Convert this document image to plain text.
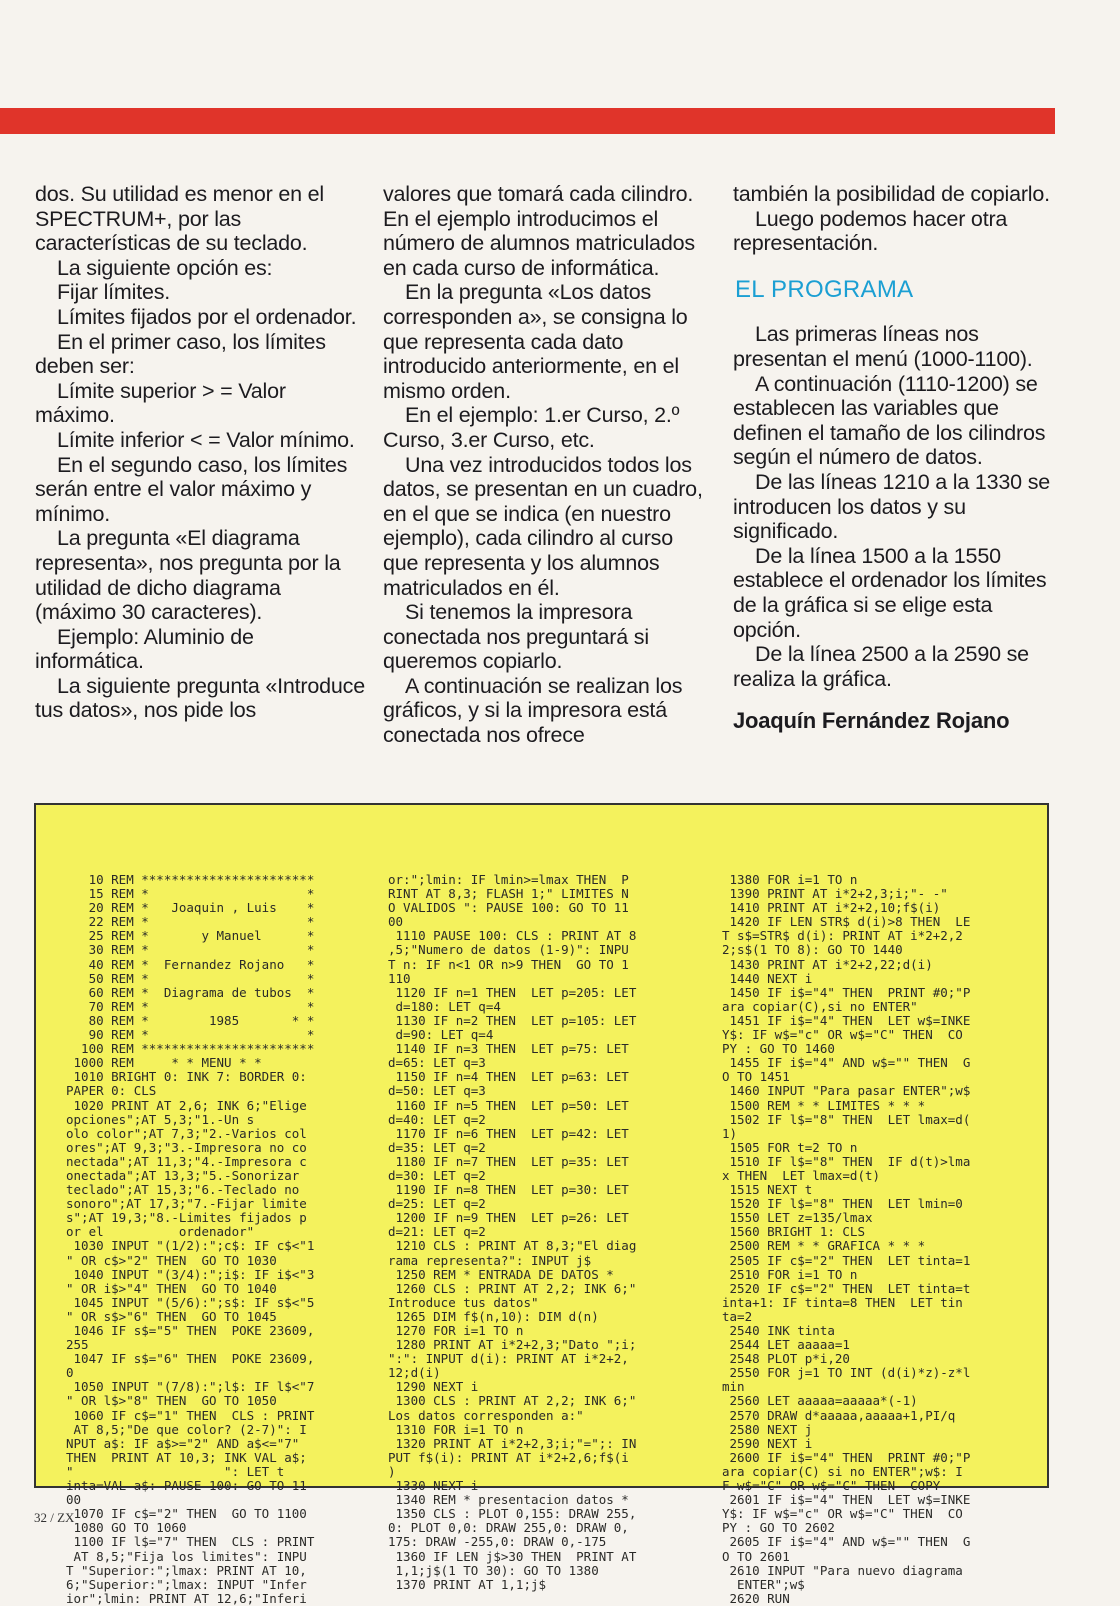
dos. Su utilidad es menor en el SPECTRUM+, por las características de su teclado.

La siguiente opción es:

Fijar límites.

Límites fijados por el ordenador.

En el primer caso, los límites deben ser:

Límite superior > = Valor máximo.

Límite inferior < = Valor mínimo.

En el segundo caso, los límites serán entre el valor máximo y mínimo.

La pregunta «El diagrama representa», nos pregunta por la utilidad de dicho diagrama (máximo 30 caracteres).

Ejemplo: Aluminio de informática.

La siguiente pregunta «Introduce tus datos», nos pide los

valores que tomará cada cilindro. En el ejemplo introducimos el número de alumnos matriculados en cada curso de informática.

En la pregunta «Los datos corresponden a», se consigna lo que representa cada dato introducido anteriormente, en el mismo orden.

En el ejemplo: 1.er Curso, 2.º Curso, 3.er Curso, etc.

Una vez introducidos todos los datos, se presentan en un cuadro, en el que se indica (en nuestro ejemplo), cada cilindro al curso que representa y los alumnos matriculados en él.

Si tenemos la impresora conectada nos preguntará si queremos copiarlo.

A continuación se realizan los gráficos, y si la impresora está conectada nos ofrece

también la posibilidad de copiarlo.

Luego podemos hacer otra representación.

EL PROGRAMA

Las primeras líneas nos presentan el menú (1000-1100).

A continuación (1110-1200) se establecen las variables que definen el tamaño de los cilindros según el número de datos.

De las líneas 1210 a la 1330 se introducen los datos y su significado.

De la línea 1500 a la 1550 establece el ordenador los límites de la gráfica si se elige esta opción.

De la línea 2500 a la 2590 se realiza la gráfica.

Joaquín Fernández Rojano

10 REM ***********************
15 REM *                     *
20 REM *   Joaquin , Luis    *
22 REM *                     *
25 REM *       y Manuel      *
30 REM *                     *
40 REM *  Fernandez Rojano   *
50 REM *                     *
60 REM *  Diagrama de tubos  *
70 REM *                     *
80 REM *        1985       * *
90 REM *                     *
100 REM ***********************
1000 REM     * * MENU * *
1010 BRIGHT 0: INK 7: BORDER 0:
PAPER 0: CLS
1020 PRINT AT 2,6; INK 6;"Elige
opciones";AT 5,3;"1.-Un s
olo color";AT 7,3;"2.-Varios col
ores";AT 9,3;"3.-Impresora no co
nectada";AT 11,3;"4.-Impresora c
onectada";AT 13,3;"5.-Sonorizar
teclado";AT 15,3;"6.-Teclado no
sonoro";AT 17,3;"7.-Fijar limite
s";AT 19,3;"8.-Limites fijados p
or el          ordenador"
1030 INPUT "(1/2):";c$: IF c$<"1
" OR c$>"2" THEN  GO TO 1030
1040 INPUT "(3/4):";i$: IF i$<"3
" OR i$>"4" THEN  GO TO 1040
1045 INPUT "(5/6):";s$: IF s$<"5
" OR s$>"6" THEN  GO TO 1045
1046 IF s$="5" THEN  POKE 23609,
255
1047 IF s$="6" THEN  POKE 23609,
0
1050 INPUT "(7/8):";l$: IF l$<"7
" OR l$>"8" THEN  GO TO 1050
1060 IF c$="1" THEN  CLS : PRINT
AT 8,5;"De que color? (2-7)": I
NPUT a$: IF a$>="2" AND a$<="7"
THEN  PRINT AT 10,3; INK VAL a$;
"                    ": LET t
inta=VAL a$: PAUSE 100: GO TO 11
00
1070 IF c$="2" THEN  GO TO 1100
1080 GO TO 1060
1100 IF l$="7" THEN  CLS : PRINT
AT 8,5;"Fija los limites": INPU
T "Superior:";lmax: PRINT AT 10,
6;"Superior:";lmax: INPUT "Infer
ior";lmin: PRINT AT 12,6;"Inferi
or:";lmin: IF lmin>=lmax THEN  P
RINT AT 8,3; FLASH 1;" LIMITES N
O VALIDOS ": PAUSE 100: GO TO 11
00
1110 PAUSE 100: CLS : PRINT AT 8
,5;"Numero de datos (1-9)": INPU
T n: IF n<1 OR n>9 THEN  GO TO 1
110
1120 IF n=1 THEN  LET p=205: LET
d=180: LET q=4
1130 IF n=2 THEN  LET p=105: LET
d=90: LET q=4
1140 IF n=3 THEN  LET p=75: LET
d=65: LET q=3
1150 IF n=4 THEN  LET p=63: LET
d=50: LET q=3
1160 IF n=5 THEN  LET p=50: LET
d=40: LET q=2
1170 IF n=6 THEN  LET p=42: LET
d=35: LET q=2
1180 IF n=7 THEN  LET p=35: LET
d=30: LET q=2
1190 IF n=8 THEN  LET p=30: LET
d=25: LET q=2
1200 IF n=9 THEN  LET p=26: LET
d=21: LET q=2
1210 CLS : PRINT AT 8,3;"El diag
rama representa?": INPUT j$
1250 REM * ENTRADA DE DATOS *
1260 CLS : PRINT AT 2,2; INK 6;"
Introduce tus datos"
1265 DIM f$(n,10): DIM d(n)
1270 FOR i=1 TO n
1280 PRINT AT i*2+2,3;"Dato ";i;
":": INPUT d(i): PRINT AT i*2+2,
12;d(i)
1290 NEXT i
1300 CLS : PRINT AT 2,2; INK 6;"
Los datos corresponden a:"
1310 FOR i=1 TO n
1320 PRINT AT i*2+2,3;i;"=";: IN
PUT f$(i): PRINT AT i*2+2,6;f$(i
)
1330 NEXT i
1340 REM * presentacion datos *
1350 CLS : PLOT 0,155: DRAW 255,
0: PLOT 0,0: DRAW 255,0: DRAW 0,
175: DRAW -255,0: DRAW 0,-175
1360 IF LEN j$>30 THEN  PRINT AT
1,1;j$(1 TO 30): GO TO 1380
1370 PRINT AT 1,1;j$
1380 FOR i=1 TO n
1390 PRINT AT i*2+2,3;i;"- -"
1410 PRINT AT i*2+2,10;f$(i)
1420 IF LEN STR$ d(i)>8 THEN  LE
T s$=STR$ d(i): PRINT AT i*2+2,2
2;s$(1 TO 8): GO TO 1440
1430 PRINT AT i*2+2,22;d(i)
1440 NEXT i
1450 IF i$="4" THEN  PRINT #0;"P
ara copiar(C),si no ENTER"
1451 IF i$="4" THEN  LET w$=INKE
Y$: IF w$="c" OR w$="C" THEN  CO
PY : GO TO 1460
1455 IF i$="4" AND w$="" THEN  G
O TO 1451
1460 INPUT "Para pasar ENTER";w$
1500 REM * * LIMITES * * *
1502 IF l$="8" THEN  LET lmax=d(
1)
1505 FOR t=2 TO n
1510 IF l$="8" THEN  IF d(t)>lma
x THEN  LET lmax=d(t)
1515 NEXT t
1520 IF l$="8" THEN  LET lmin=0
1550 LET z=135/lmax
1560 BRIGHT 1: CLS
2500 REM * * GRAFICA * * *
2505 IF c$="2" THEN  LET tinta=1
2510 FOR i=1 TO n
2520 IF c$="2" THEN  LET tinta=t
inta+1: IF tinta=8 THEN  LET tin
ta=2
2540 INK tinta
2544 LET aaaaa=1
2548 PLOT p*i,20
2550 FOR j=1 TO INT (d(i)*z)-z*l
min
2560 LET aaaaa=aaaaa*(-1)
2570 DRAW d*aaaaa,aaaaa+1,PI/q
2580 NEXT j
2590 NEXT i
2600 IF i$="4" THEN  PRINT #0;"P
ara copiar(C) si no ENTER";w$: I
F w$="C" OR w$="C" THEN  COPY
2601 IF i$="4" THEN  LET w$=INKE
Y$: IF w$="c" OR w$="C" THEN  CO
PY : GO TO 2602
2605 IF i$="4" AND w$="" THEN  G
O TO 2601
2610 INPUT "Para nuevo diagrama
ENTER";w$
2620 RUN
32 / ZX
